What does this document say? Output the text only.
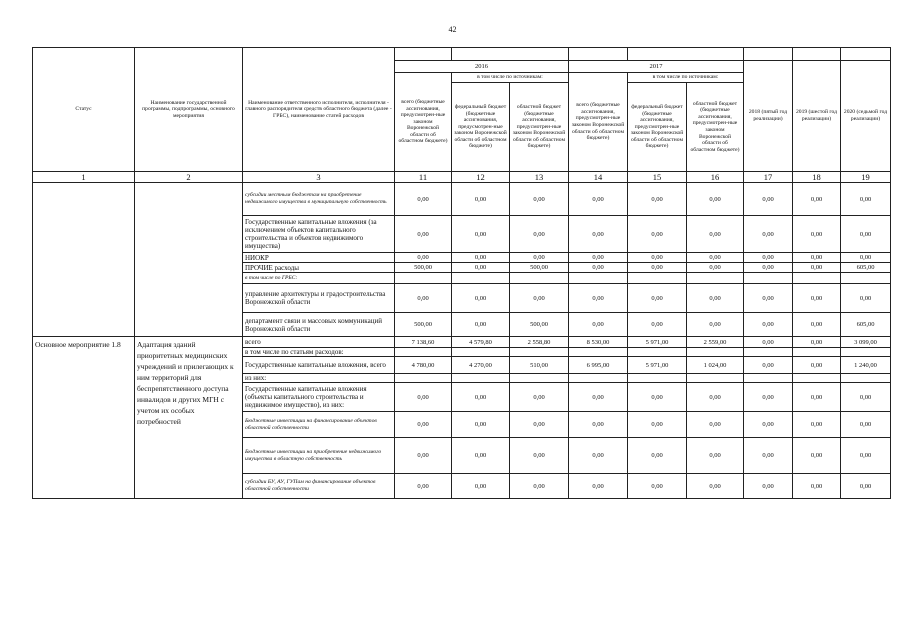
42
Статус	Наименование государственной программы, подпрограммы, основного мероприятия	Наименование ответственного исполнителя, исполнителя - главного распорядителя средств областного бюджета (далее - ГРБС), наименование статей расходов									
			2016			2017			2018 (пятый год реализации)	2019 (шестой год реализации)	2020 (седьмой год реализации)
			всего (бюджетные ассигнования, предусмотрен-ные законом Воронежской области об областном бюджете)	в том числе по источникам:		всего (бюджетные ассигнования, предусмотрен-ные законом Воронежской области об областном бюджете)	в том числе по источникам:				
				федеральный бюджет (бюджетные ассигнования, предусмотрен-ные законом Воронежской области об областном бюджете)	областной бюджет (бюджетные ассигнования, предусмотрен-ные законом Воронежской области об областном бюджете)		федеральный бюджет (бюджетные ассигнования, предусмотрен-ные законом Воронежской области об областном бюджете)	областной бюджет (бюджетные ассигнования, предусмотрен-ные законом Воронежской области об областном бюджете)			
1	2	3	11	12	13	14	15	16	17	18	19
		субсидии местным бюджетам на приобретение недвижимого имущества в муниципальную собственность	0,00	0,00	0,00	0,00	0,00	0,00	0,00	0,00	0,00
		Государственные капитальные вложения (за исключением объектов капитального строительства и объектов недвижимого имущества)	0,00	0,00	0,00	0,00	0,00	0,00	0,00	0,00	0,00
		НИОКР	0,00	0,00	0,00	0,00	0,00	0,00	0,00	0,00	0,00
		ПРОЧИЕ расходы	500,00	0,00	500,00	0,00	0,00	0,00	0,00	0,00	605,00
		в том числе по ГРБС:									
		управление архитектуры и градостроительства Воронежской области	0,00	0,00	0,00	0,00	0,00	0,00	0,00	0,00	0,00
		департамент связи и массовых коммуникаций Воронежской области	500,00	0,00	500,00	0,00	0,00	0,00	0,00	0,00	605,00
Основное мероприятие 1.8	Адаптация зданий приоритетных медицинских учреждений и прилегающих к ним территорий для беспрепятственного доступа инвалидов и других МГН с учетом их особых потребностей	всего	7 138,60	4 579,80	2 558,80	8 530,00	5 971,00	2 559,00	0,00	0,00	3 099,00
		в том числе по статьям расходов:									
		Государственные капитальные вложения, всего	4 780,00	4 270,00	510,00	6 995,00	5 971,00	1 024,00	0,00	0,00	1 240,00
		из них:									
		Государственные капитальные вложения (объекты капитального строительства и недвижимое имущество), из них:	0,00	0,00	0,00	0,00	0,00	0,00	0,00	0,00	0,00
		Бюджетные инвестиции на финансирование объектов областной собственности	0,00	0,00	0,00	0,00	0,00	0,00	0,00	0,00	0,00
		Бюджетные инвестиции на приобретение недвижимого имущества в областную собственность	0,00	0,00	0,00	0,00	0,00	0,00	0,00	0,00	0,00
		субсидии БУ, АУ, ГУПам на финансирование объектов областной собственности	0,00	0,00	0,00	0,00	0,00	0,00	0,00	0,00	0,00
